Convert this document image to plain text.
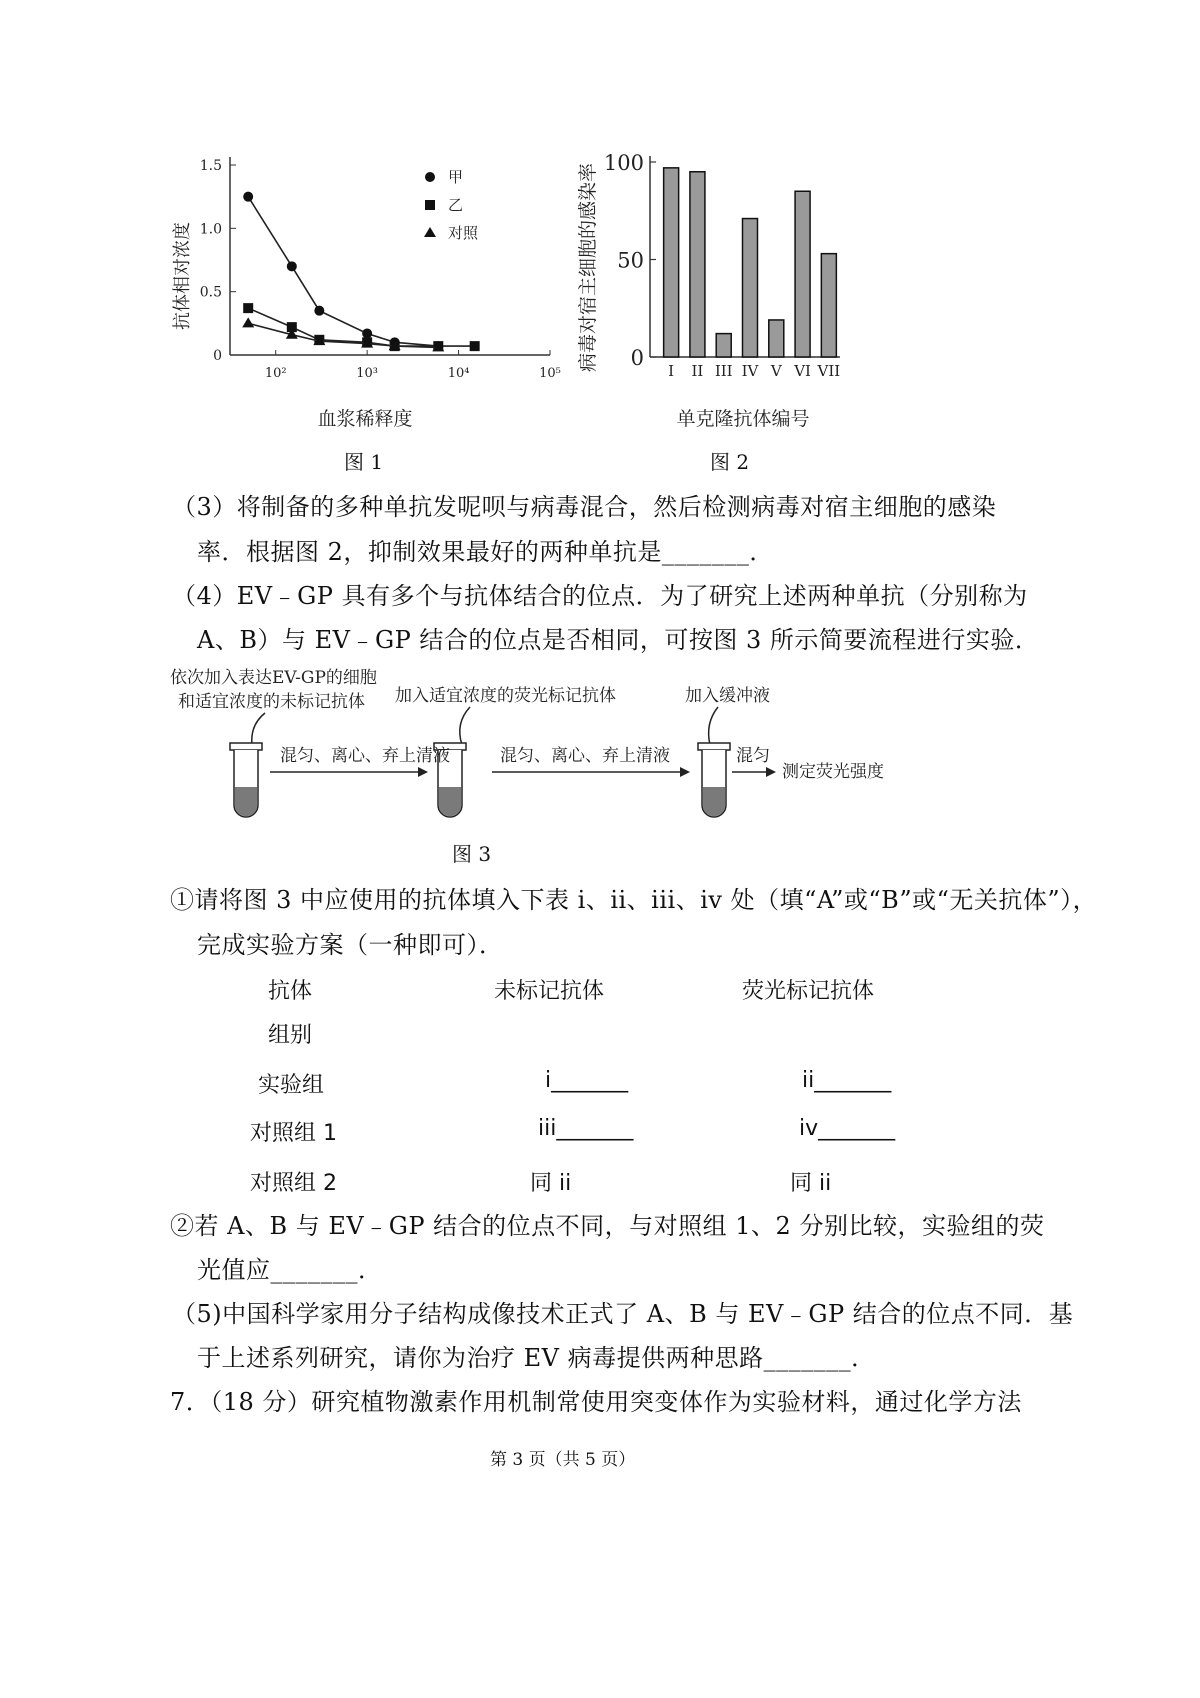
1.5
1.0
0.5
0
10²	10³	10⁴	10⁵
甲
乙
对照
抗体相对浓度
血浆稀释度
图 1
100
50
0
I II III IV V VI VII
病毒对宿主细胞的感染率
单克隆抗体编号
图 2
（3）将制备的多种单抗发呢呗与病毒混合，然后检测病毒对宿主细胞的感染
率．根据图 2，抑制效果最好的两种单抗是_______．
（4）EV﹣GP 具有多个与抗体结合的位点．为了研究上述两种单抗（分别称为
A、B）与 EV﹣GP 结合的位点是否相同，可按图 3 所示简要流程进行实验．
依次加入表达EV-GP的细胞
和适宜浓度的未标记抗体 加入适宜浓度的荧光标记抗体	加入缓冲液
混匀、离心、弃上清液	混匀、离心、弃上清液	混匀
测定荧光强度
图 3
①请将图 3 中应使用的抗体填入下表 i、ii、iii、iv 处（填“A”或“B”或“无关抗体”），
完成实验方案（一种即可）．
抗体
组别
未标记抗体	荧光标记抗体
实验组	i_______	ii_______
对照组 1	iii_______	iv_______
对照组 2	同 ii	同 ii
②若 A、B 与 EV﹣GP 结合的位点不同，与对照组 1、2 分别比较，实验组的荧
光值应_______．
（5)中国科学家用分子结构成像技术正式了 A、B 与 EV﹣GP 结合的位点不同．基
于上述系列研究，请你为治疗 EV 病毒提供两种思路_______．
7．（18 分）研究植物激素作用机制常使用突变体作为实验材料，通过化学方法
第 3 页（共 5 页）
